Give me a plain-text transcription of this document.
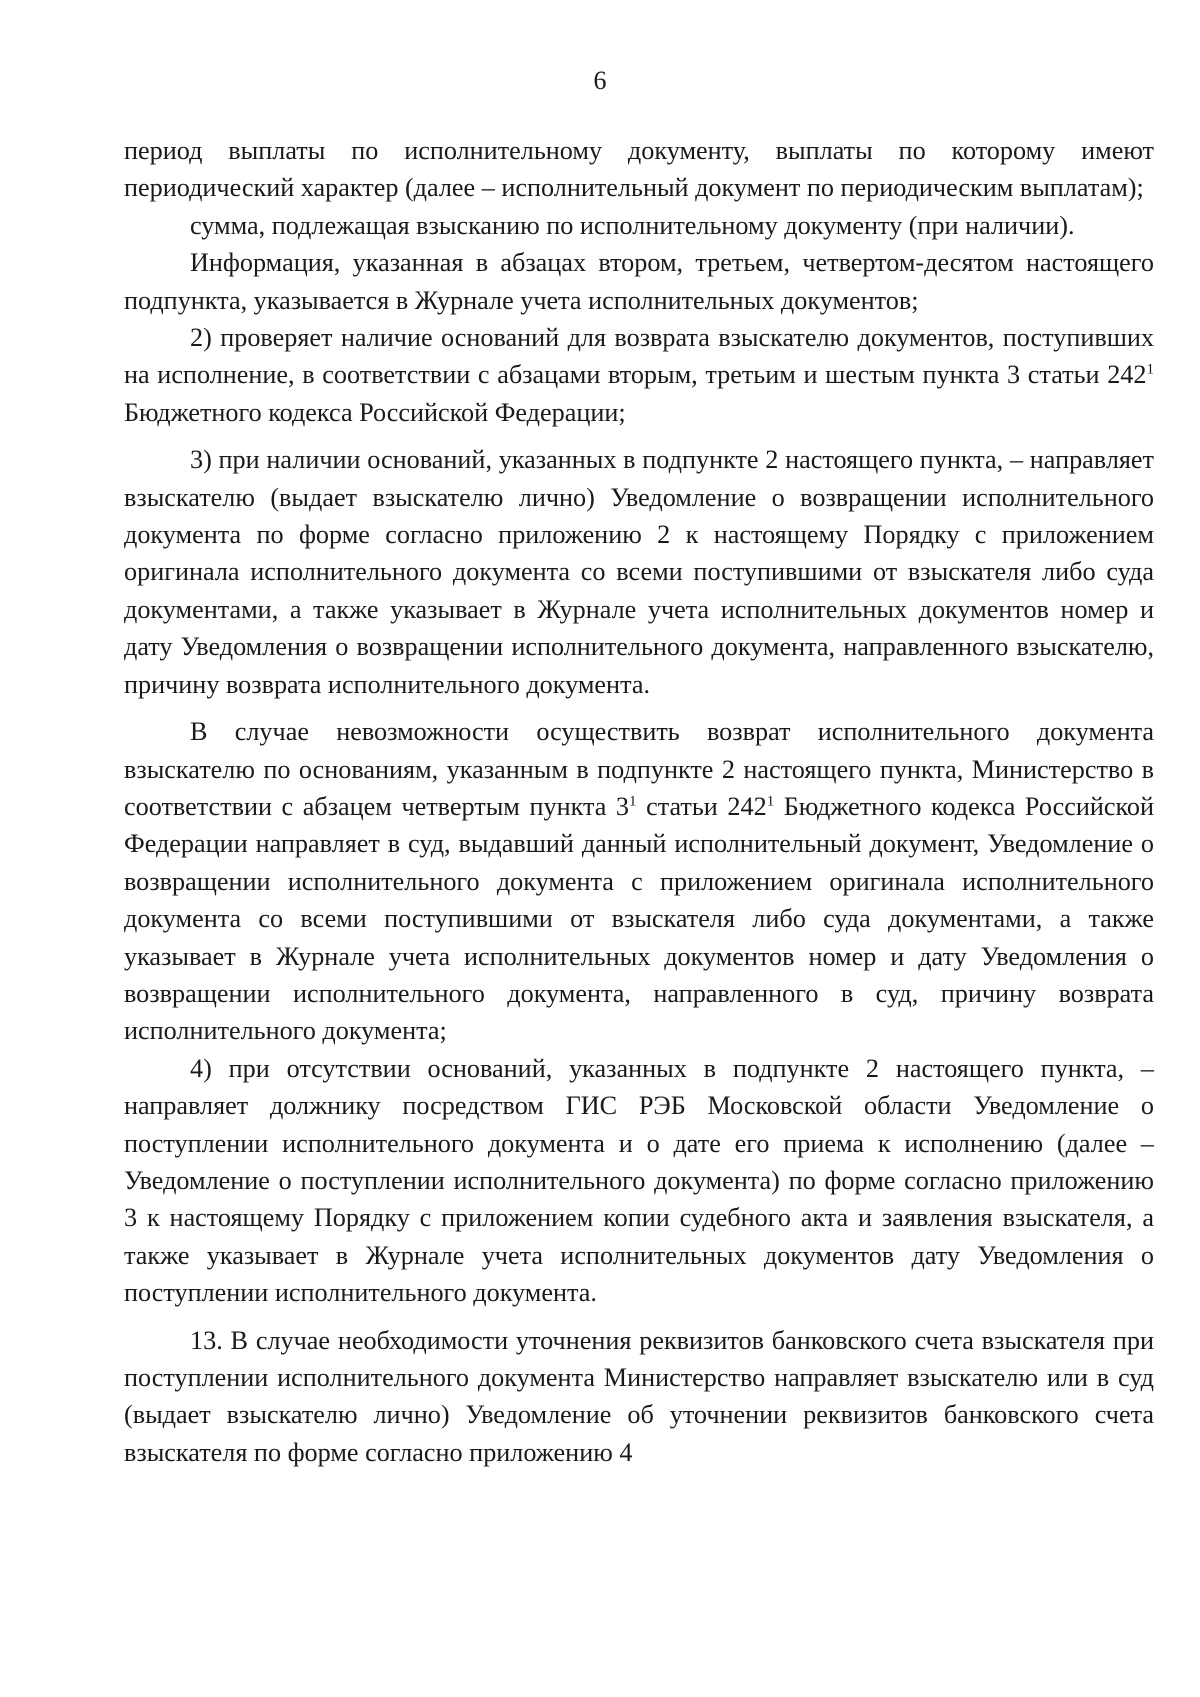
6

период выплаты по исполнительному документу, выплаты по которому имеют периодический характер (далее – исполнительный документ по периодическим выплатам);

сумма, подлежащая взысканию по исполнительному документу (при наличии).

Информация, указанная в абзацах втором, третьем, четвертом-десятом настоящего подпункта, указывается в Журнале учета исполнительных документов;

2) проверяет наличие оснований для возврата взыскателю документов, поступивших на исполнение, в соответствии с абзацами вторым, третьим и шестым пункта 3 статьи $242^1$ Бюджетного кодекса Российской Федерации;

3) при наличии оснований, указанных в подпункте 2 настоящего пункта, – направляет взыскателю (выдает взыскателю лично) Уведомление о возвращении исполнительного документа по форме согласно приложению 2 к настоящему Порядку с приложением оригинала исполнительного документа со всеми поступившими от взыскателя либо суда документами, а также указывает в Журнале учета исполнительных документов номер и дату Уведомления о возвращении исполнительного документа, направленного взыскателю, причину возврата исполнительного документа.

В случае невозможности осуществить возврат исполнительного документа взыскателю по основаниям, указанным в подпункте 2 настоящего пункта, Министерство в соответствии с абзацем четвертым пункта $3^1$ статьи $242^1$ Бюджетного кодекса Российской Федерации направляет в суд, выдавший данный исполнительный документ, Уведомление о возвращении исполнительного документа с приложением оригинала исполнительного документа со всеми поступившими от взыскателя либо суда документами, а также указывает в Журнале учета исполнительных документов номер и дату Уведомления о возвращении исполнительного документа, направленного в суд, причину возврата исполнительного документа;

4) при отсутствии оснований, указанных в подпункте 2 настоящего пункта, – направляет должнику посредством ГИС РЭБ Московской области Уведомление о поступлении исполнительного документа и о дате его приема к исполнению (далее – Уведомление о поступлении исполнительного документа) по форме согласно приложению 3 к настоящему Порядку с приложением копии судебного акта и заявления взыскателя, а также указывает в Журнале учета исполнительных документов дату Уведомления о поступлении исполнительного документа.

13. В случае необходимости уточнения реквизитов банковского счета взыскателя при поступлении исполнительного документа Министерство направляет взыскателю или в суд (выдает взыскателю лично) Уведомление об уточнении реквизитов банковского счета взыскателя по форме согласно приложению 4
